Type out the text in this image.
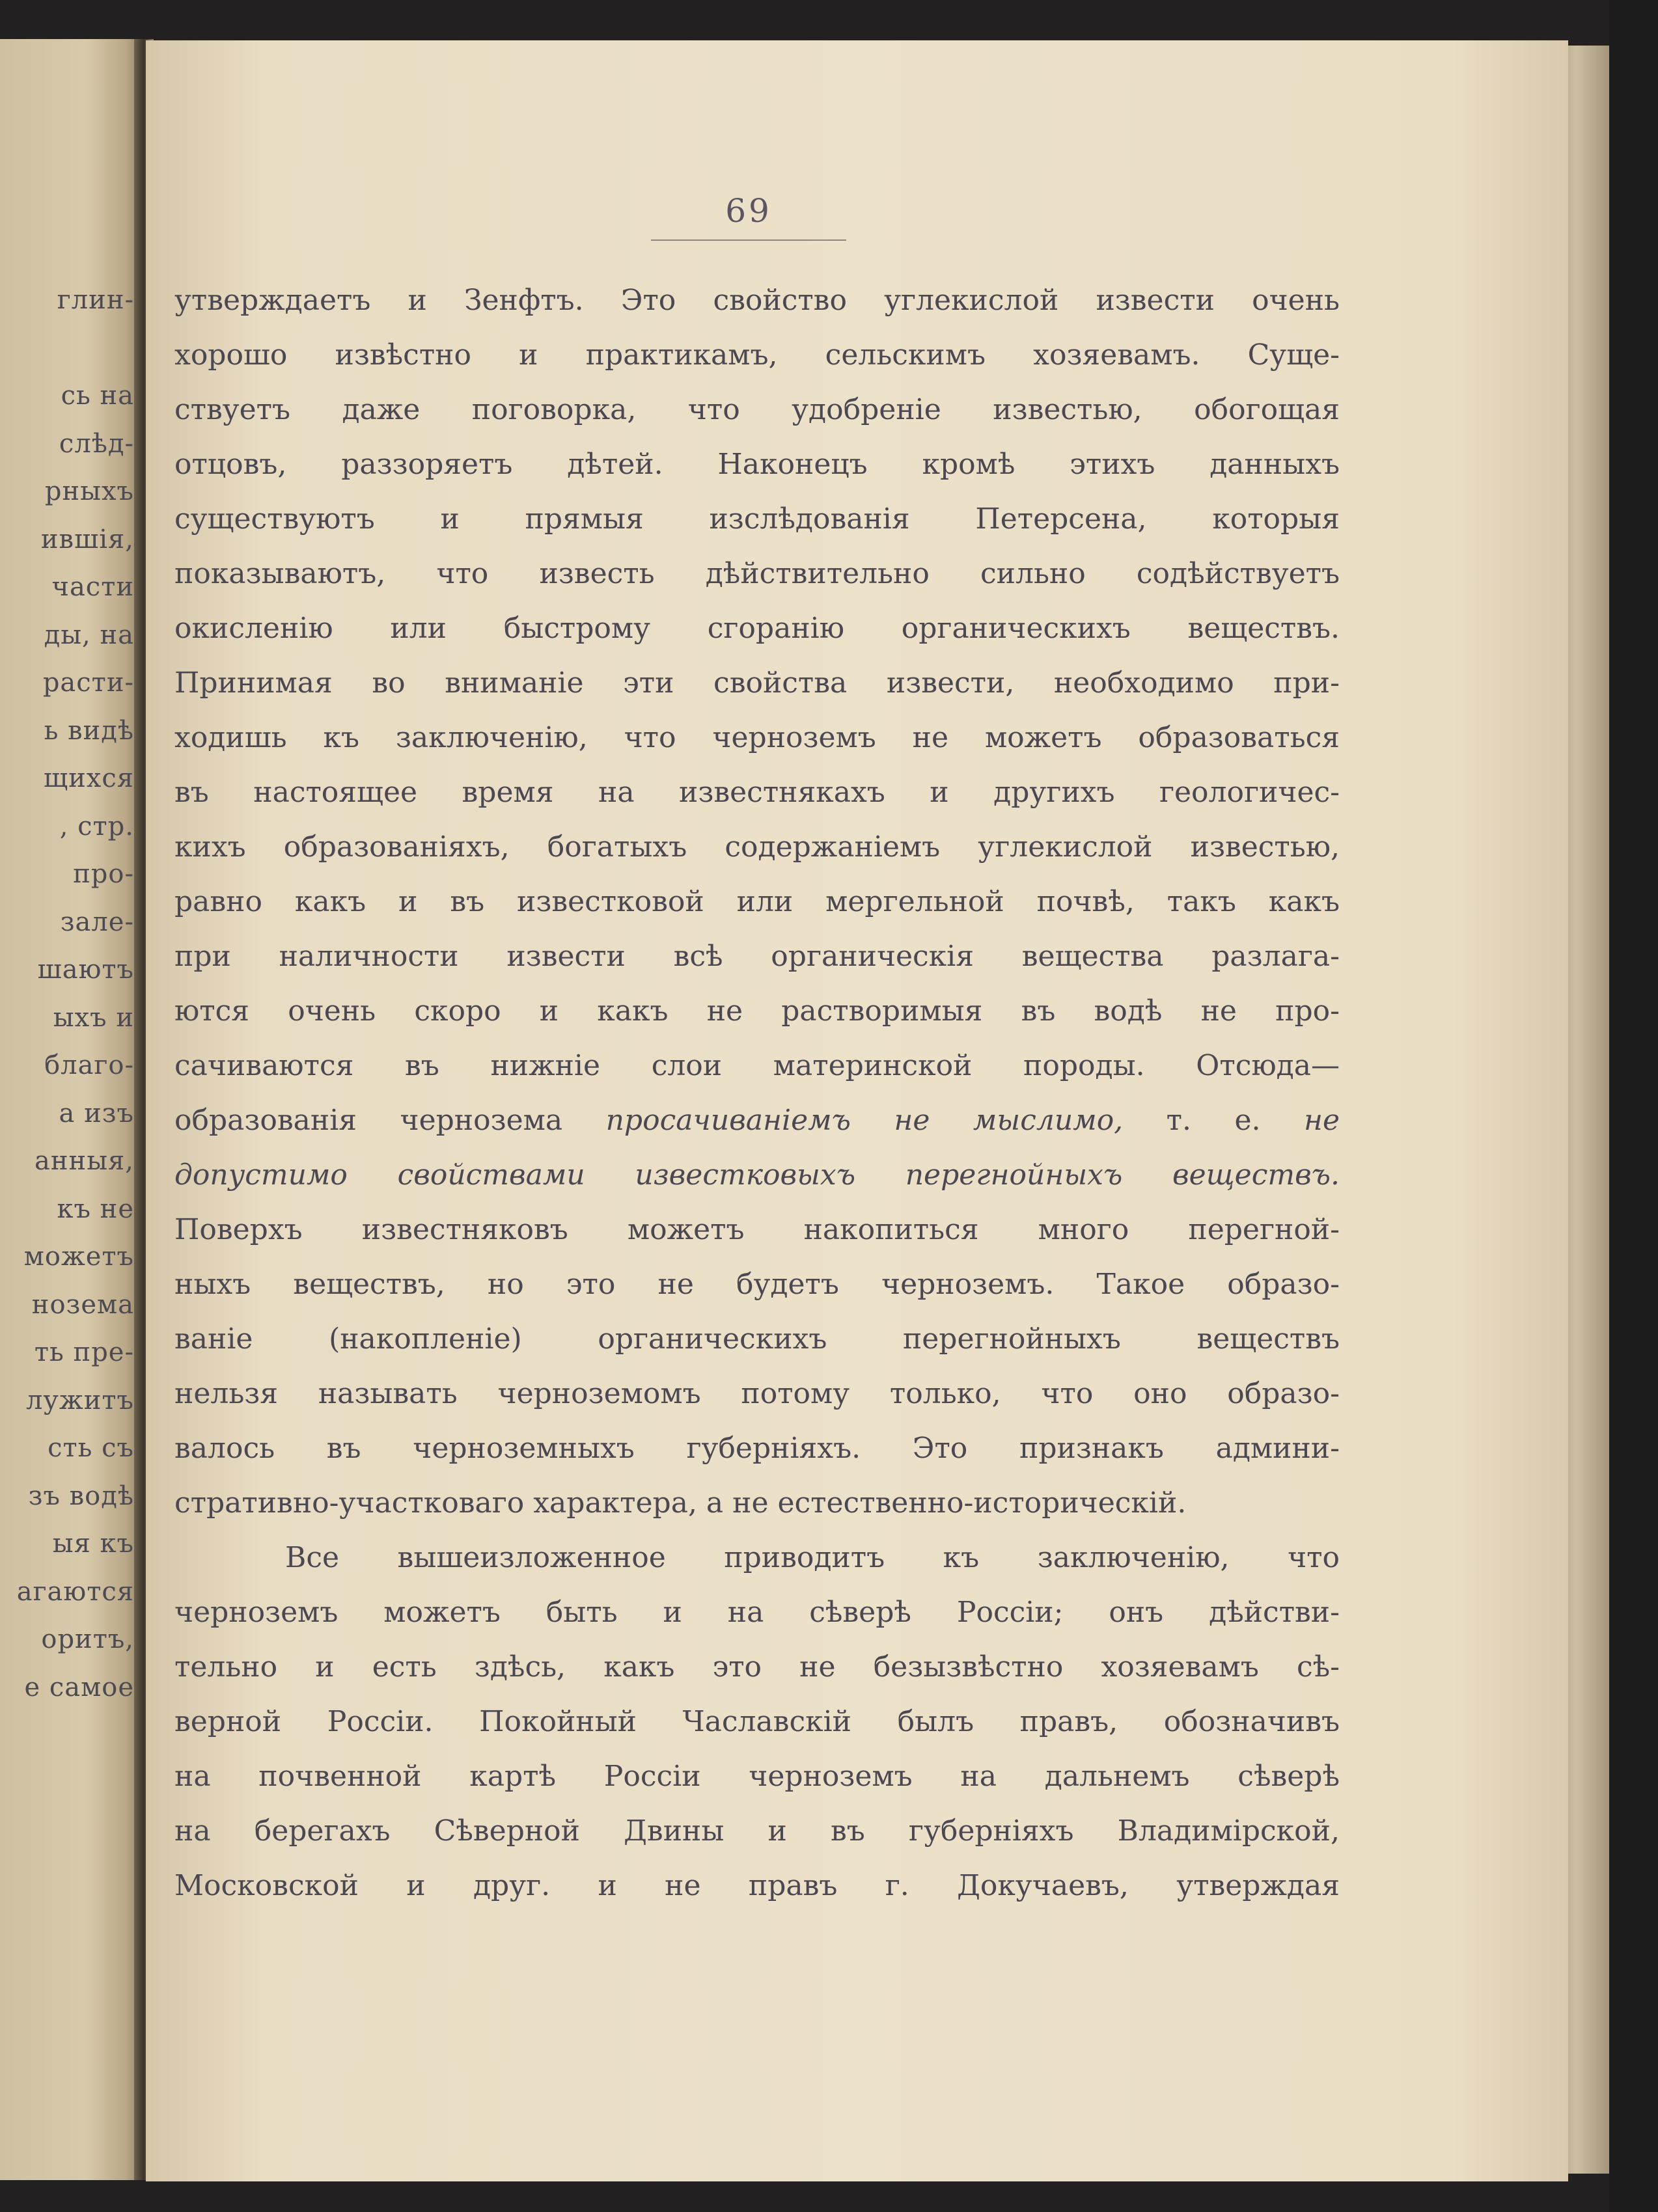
глин-
сь на
слѣд-
рныхъ
ившія,
части
ды, на
расти-
ь видѣ
щихся
, стр.
про-
зале-
шаютъ
ыхъ и
благо-
а изъ
анныя,
къ не
можетъ
нозема
ть пре-
лужитъ
сть съ
зъ водѣ
ыя къ
агаются
оритъ,
е самое
69
утверждаетъ и Зенфтъ. Это свойство углекислой извести очень
хорошо извѣстно и практикамъ, сельскимъ хозяевамъ. Суще-
ствуетъ даже поговорка, что удобреніе известью, обогощая
отцовъ, раззоряетъ дѣтей. Наконецъ кромѣ этихъ данныхъ
существуютъ и прямыя изслѣдованія Петерсена, которыя
показываютъ, что известь дѣйствительно сильно содѣйствуетъ
окисленію или быстрому сгоранію органическихъ веществъ.
Принимая во вниманіе эти свойства извести, необходимо при-
ходишь къ заключенію, что черноземъ не можетъ образоваться
въ настоящее время на известнякахъ и другихъ геологичес-
кихъ образованіяхъ, богатыхъ содержаніемъ углекислой известью,
равно какъ и въ известковой или мергельной почвѣ, такъ какъ
при наличности извести всѣ органическія вещества разлага-
ются очень скоро и какъ не растворимыя въ водѣ не про-
сачиваются въ нижніе слои материнской породы. Отсюда—
образованія чернозема просачиваніемъ не мыслимо, т. е. не
допустимо свойствами известковыхъ перегнойныхъ веществъ.
Поверхъ известняковъ можетъ накопиться много перегной-
ныхъ веществъ, но это не будетъ черноземъ. Такое образо-
ваніе (накопленіе) органическихъ перегнойныхъ веществъ
нельзя называть черноземомъ потому только, что оно образо-
валось въ черноземныхъ губерніяхъ. Это признакъ админи-
стративно-участковаго характера, а не естественно-историческій.
Все вышеизложенное приводитъ къ заключенію, что
черноземъ можетъ быть и на сѣверѣ Россіи; онъ дѣйстви-
тельно и есть здѣсь, какъ это не безызвѣстно хозяевамъ сѣ-
верной Россіи. Покойный Чаславскій былъ правъ, обозначивъ
на почвенной картѣ Россіи черноземъ на дальнемъ сѣверѣ
на берегахъ Сѣверной Двины и въ губерніяхъ Владимірской,
Московской и друг. и не правъ г. Докучаевъ, утверждая
